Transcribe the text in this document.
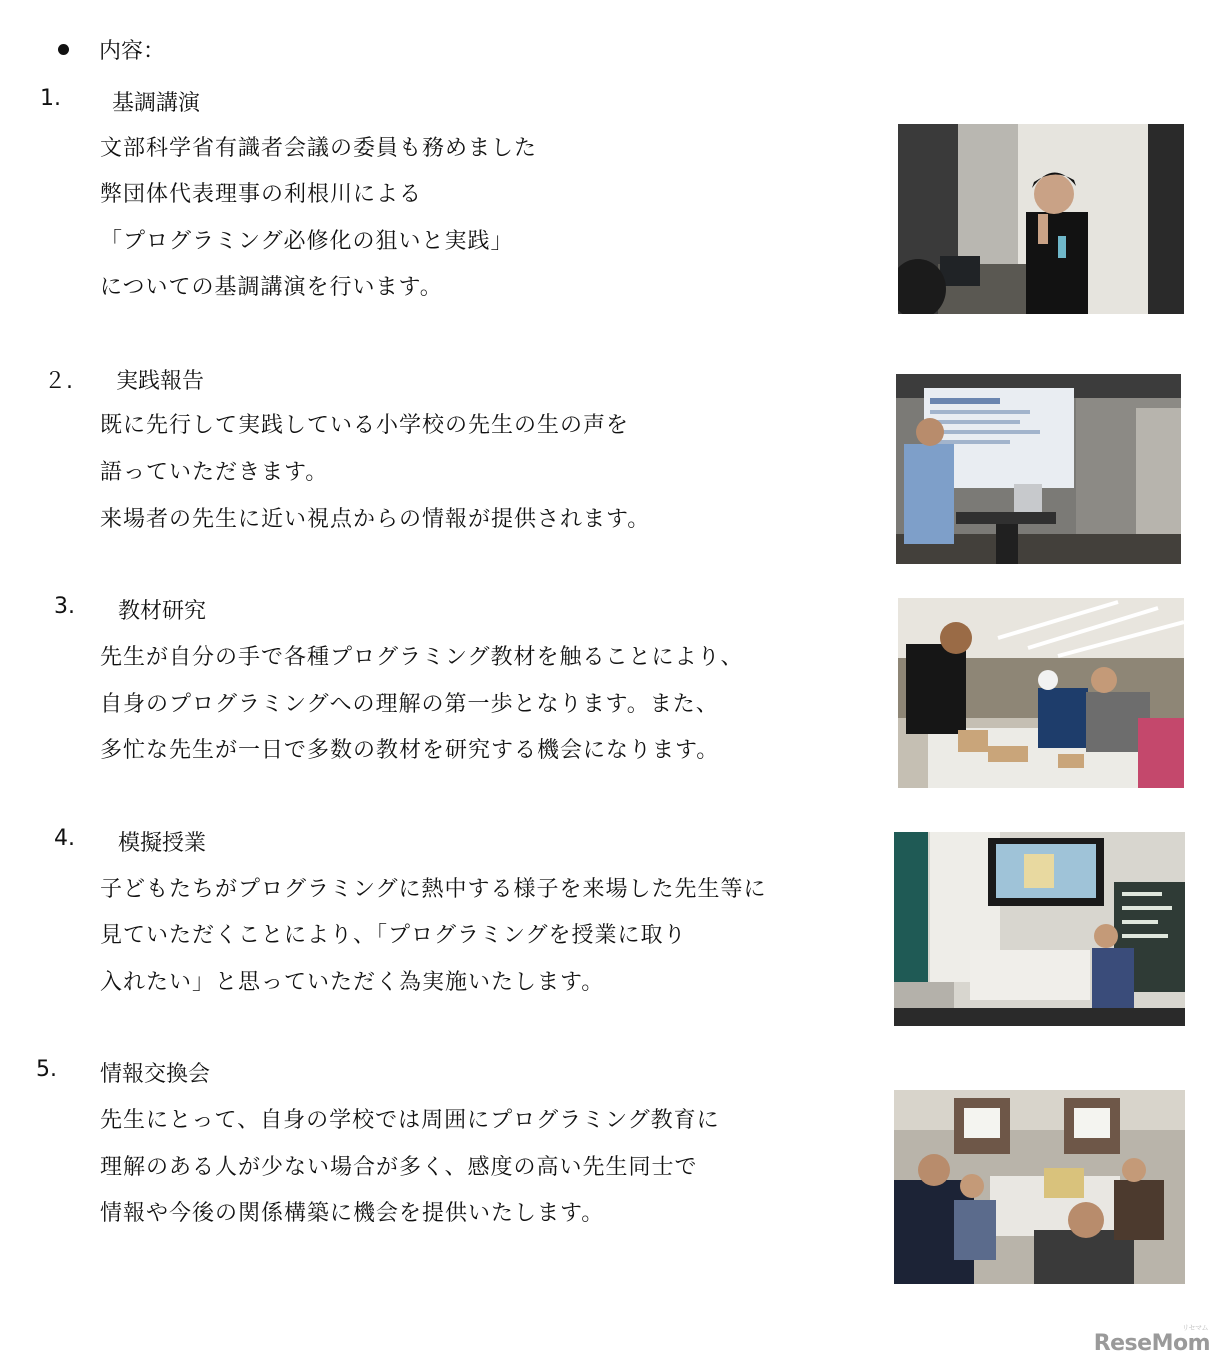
内容：
1. 基調講演
文部科学省有識者会議の委員も務めました
弊団体代表理事の利根川による
「プログラミング必修化の狙いと実践」
についての基調講演を行います。
２. 実践報告
既に先行して実践している小学校の先生の生の声を
語っていただきます。
来場者の先生に近い視点からの情報が提供されます。
3. 教材研究
先生が自分の手で各種プログラミング教材を触ることにより、
自身のプログラミングへの理解の第一歩となります。また、
多忙な先生が一日で多数の教材を研究する機会になります。
4. 模擬授業
子どもたちがプログラミングに熱中する様子を来場した先生等に
見ていただくことにより、「プログラミングを授業に取り
入れたい」と思っていただく為実施いたします。
5. 情報交換会
先生にとって、自身の学校では周囲にプログラミング教育に
理解のある人が少ない場合が多く、感度の高い先生同士で
情報や今後の関係構築に機会を提供いたします。
リセマム
ReseMom
